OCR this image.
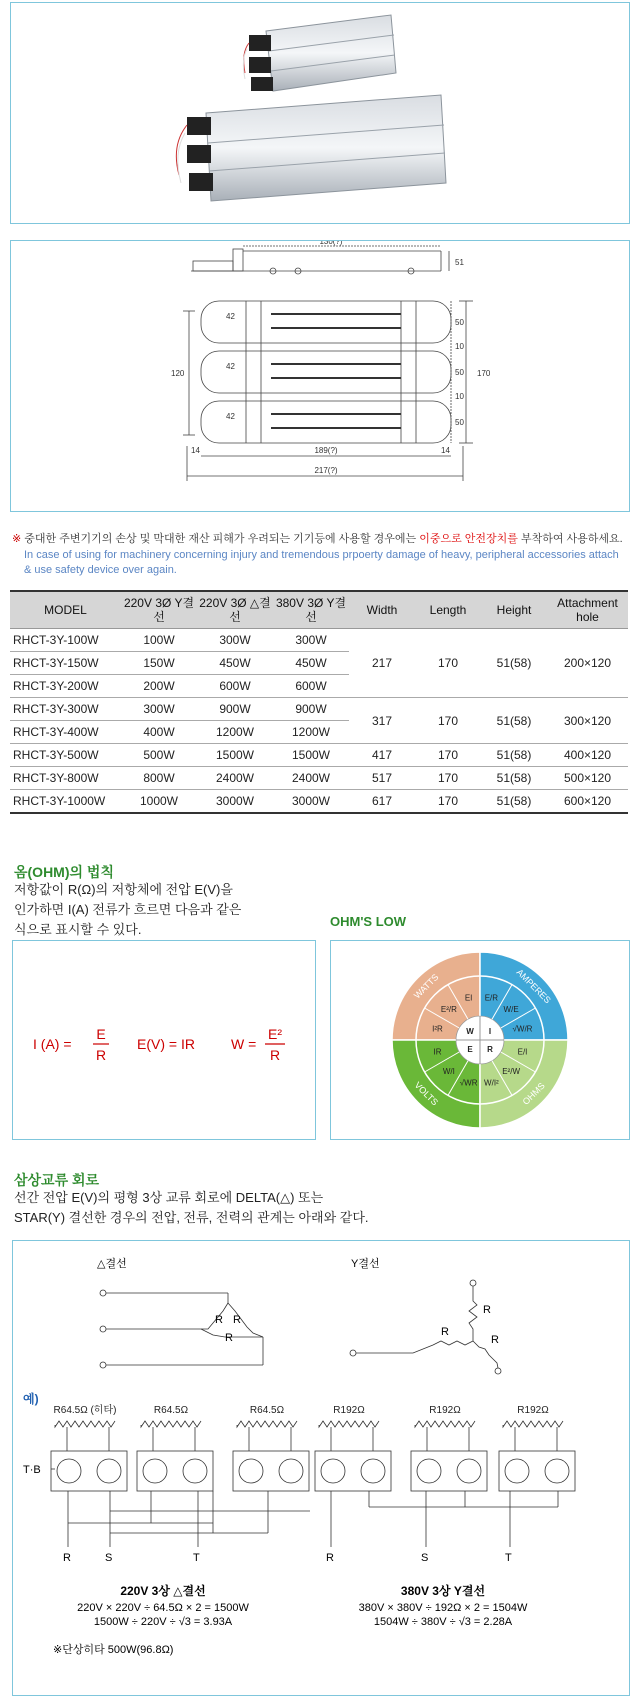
130(?)
51
42
42
42
120
50
50
50
10
10
170
14	14
189(?)
217(?)
※ 중대한 주변기기의 손상 및 막대한 재산 피해가 우려되는 기기등에 사용할 경우에는 이중으로 안전장치를 부착하여 사용하세요.
In case of using for machinery concerning injury and tremendous prpoerty damage of heavy, peripheral accessories attach & use safety device over again.
MODEL	220V 3Ø Y결선	220V 3Ø △결선	380V 3Ø Y결선	Width	Length	Height	Attachment hole
RHCT-3Y-100W	100W	300W	300W	217	170	51(58)	200×120
RHCT-3Y-150W	150W	450W	450W				
RHCT-3Y-200W	200W	600W	600W				
RHCT-3Y-300W	300W	900W	900W	317	170	51(58)	300×120
RHCT-3Y-400W	400W	1200W	1200W				
RHCT-3Y-500W	500W	1500W	1500W	417	170	51(58)	400×120
RHCT-3Y-800W	800W	2400W	2400W	517	170	51(58)	500×120
RHCT-3Y-1000W	1000W	3000W	3000W	617	170	51(58)	600×120
옴(OHM)의 법칙
저항값이 R(Ω)의 저항체에 전압 E(V)을
인가하면 I(A) 전류가 흐르면 다음과 같은
식으로 표시할 수 있다.
OHM'S LOW
I (A) =
E
R
E(V) = IR	W =
E²
R
W I
E R
I²R
E²/R
EI E/R
W/E
√W/R
E/I
E²/W
W/I²
√WR
W/I
IR
WATTS	AMPERES
OHMS
VOLTS
삼상교류 회로
선간 전압 E(V)의 평형 3상 교류 회로에 DELTA(△) 또는
STAR(Y) 결선한 경우의 전압, 전류, 전력의 관계는 아래와 같다.
△결선
R R
R
Y결선
R
R
R
예)
R64.5Ω (히타)	R64.5Ω	R64.5Ω	R192Ω	R192Ω	R192Ω
T·B
R	S	T	R	S	T
220V 3상 △결선
220V × 220V ÷ 64.5Ω × 2 = 1500W
1500W ÷ 220V ÷ √3 = 3.93A
380V 3상 Y결선
380V × 380V ÷ 192Ω × 2 = 1504W
1504W ÷ 380V ÷ √3 = 2.28A
※단상히타 500W(96.8Ω)
